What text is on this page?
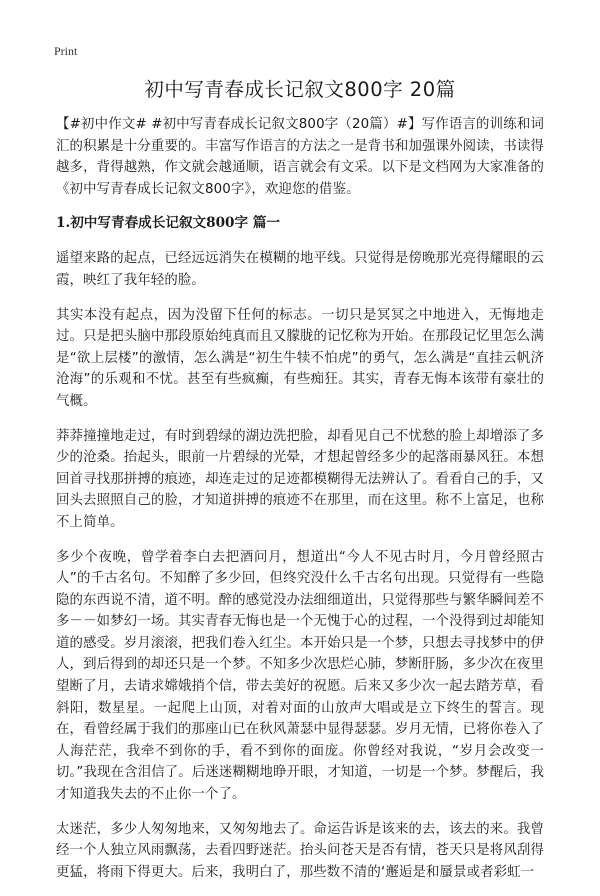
Print
初中写青春成长记叙文800字 20篇

【#初中作文# #初中写青春成长记叙文800字（20篇）#】写作语言的训练和词汇的积累是十分重要的。丰富写作语言的方法之一是背书和加强课外阅读，书读得越多，背得越熟，作文就会越通顺，语言就会有文采。以下是文档网为大家准备的《初中写青春成长记叙文800字》，欢迎您的借鉴。

1.初中写青春成长记叙文800字 篇一

遥望来路的起点，已经远远消失在模糊的地平线。只觉得是傍晚那光亮得耀眼的云霞，映红了我年轻的脸。

其实本没有起点，因为没留下任何的标志。一切只是冥冥之中地进入，无悔地走过。只是把头脑中那段原始纯真而且又朦胧的记忆称为开始。在那段记忆里怎么满是“欲上层楼”的激情，怎么满是“初生牛犊不怕虎”的勇气，怎么满是“直挂云帆济沧海”的乐观和不忧。甚至有些疯癫，有些痴狂。其实，青春无悔本该带有豪壮的气概。

莽莽撞撞地走过，有时到碧绿的湖边洗把脸，却看见自己不忧愁的脸上却增添了多少的沧桑。抬起头，眼前一片碧绿的光晕，才想起曾经多少的起落雨暴风狂。本想回首寻找那拼搏的痕迹，却连走过的足迹都模糊得无法辨认了。看看自己的手，又回头去照照自己的脸，才知道拼搏的痕迹不在那里，而在这里。称不上富足，也称不上简单。

多少个夜晚，曾学着李白去把酒问月，想道出“今人不见古时月，今月曾经照古人”的千古名句。不知醉了多少回，但终究没什么千古名句出现。只觉得有一些隐隐的东西说不清，道不明。醉的感觉没办法细细道出，只觉得那些与繁华瞬间差不多－－如梦幻一场。其实青春无悔也是一个无愧于心的过程，一个没得到过却能知道的感受。岁月滚滚，把我们卷入红尘。本开始只是一个梦，只想去寻找梦中的伊人，到后得到的却还只是一个梦。不知多少次思烂心肺，梦断肝肠，多少次在夜里望断了月，去请求嫦娥捎个信，带去美好的祝愿。后来又多少次一起去踏芳草，看斜阳，数星星。一起爬上山顶，对着对面的山放声大唱或是立下终生的誓言。现在，看曾经属于我们的那座山已在秋风萧瑟中显得瑟瑟。岁月无情，已将你卷入了人海茫茫，我牵不到你的手，看不到你的面庞。你曾经对我说，“岁月会改变一切。”我现在含泪信了。后迷迷糊糊地睁开眼，才知道，一切是一个梦。梦醒后，我才知道我失去的不止你一个了。

太迷茫，多少人匆匆地来，又匆匆地去了。命运告诉是该来的去，该去的来。我曾经一个人独立风雨飘荡，去看四野迷茫。抬头问苍天是否有情，苍天只是将风刮得更猛，将雨下得更大。后来，我明白了，那些数不清的‘邂逅是和蜃景或者彩虹一
